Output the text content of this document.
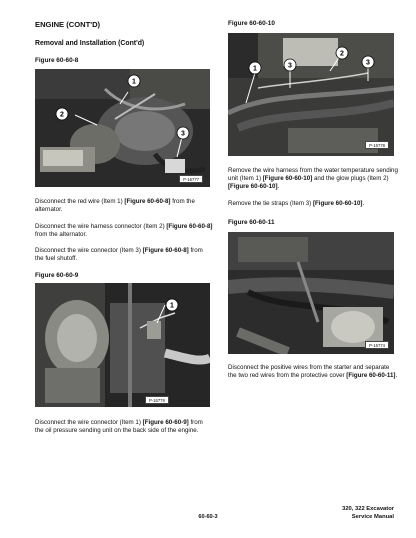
ENGINE (CONT'D)
Removal and Installation (Cont'd)
Figure 60-60-8
1
2
3
P-16777
Disconnect the red wire (Item 1) [Figure 60-60-8] from the alternator.
Disconnect the wire harness connector (Item 2) [Figure 60-60-8] from the alternator.
Disconnect the wire connector (Item 3) [Figure 60-60-8] from the fuel shutoff.
Figure 60-60-9
1
P-16779
Disconnect the wire connector (Item 1) [Figure 60-60-9] from the oil pressure sending unit on the back side of the engine.
Figure 60-60-10
1
2
3	3
P-16778
Remove the wire harness from the water temperature sending unit (Item 1) [Figure 60-60-10] and the glow plugs (Item 2) [Figure 60-60-10].
Remove the tie straps (Item 3) [Figure 60-60-10].
Figure 60-60-11
P-16774
Disconnect the positive wires from the starter and separate the two red wires from the protective cover [Figure 60-60-11].
60-60-3
320, 322 Excavator
Service Manual
